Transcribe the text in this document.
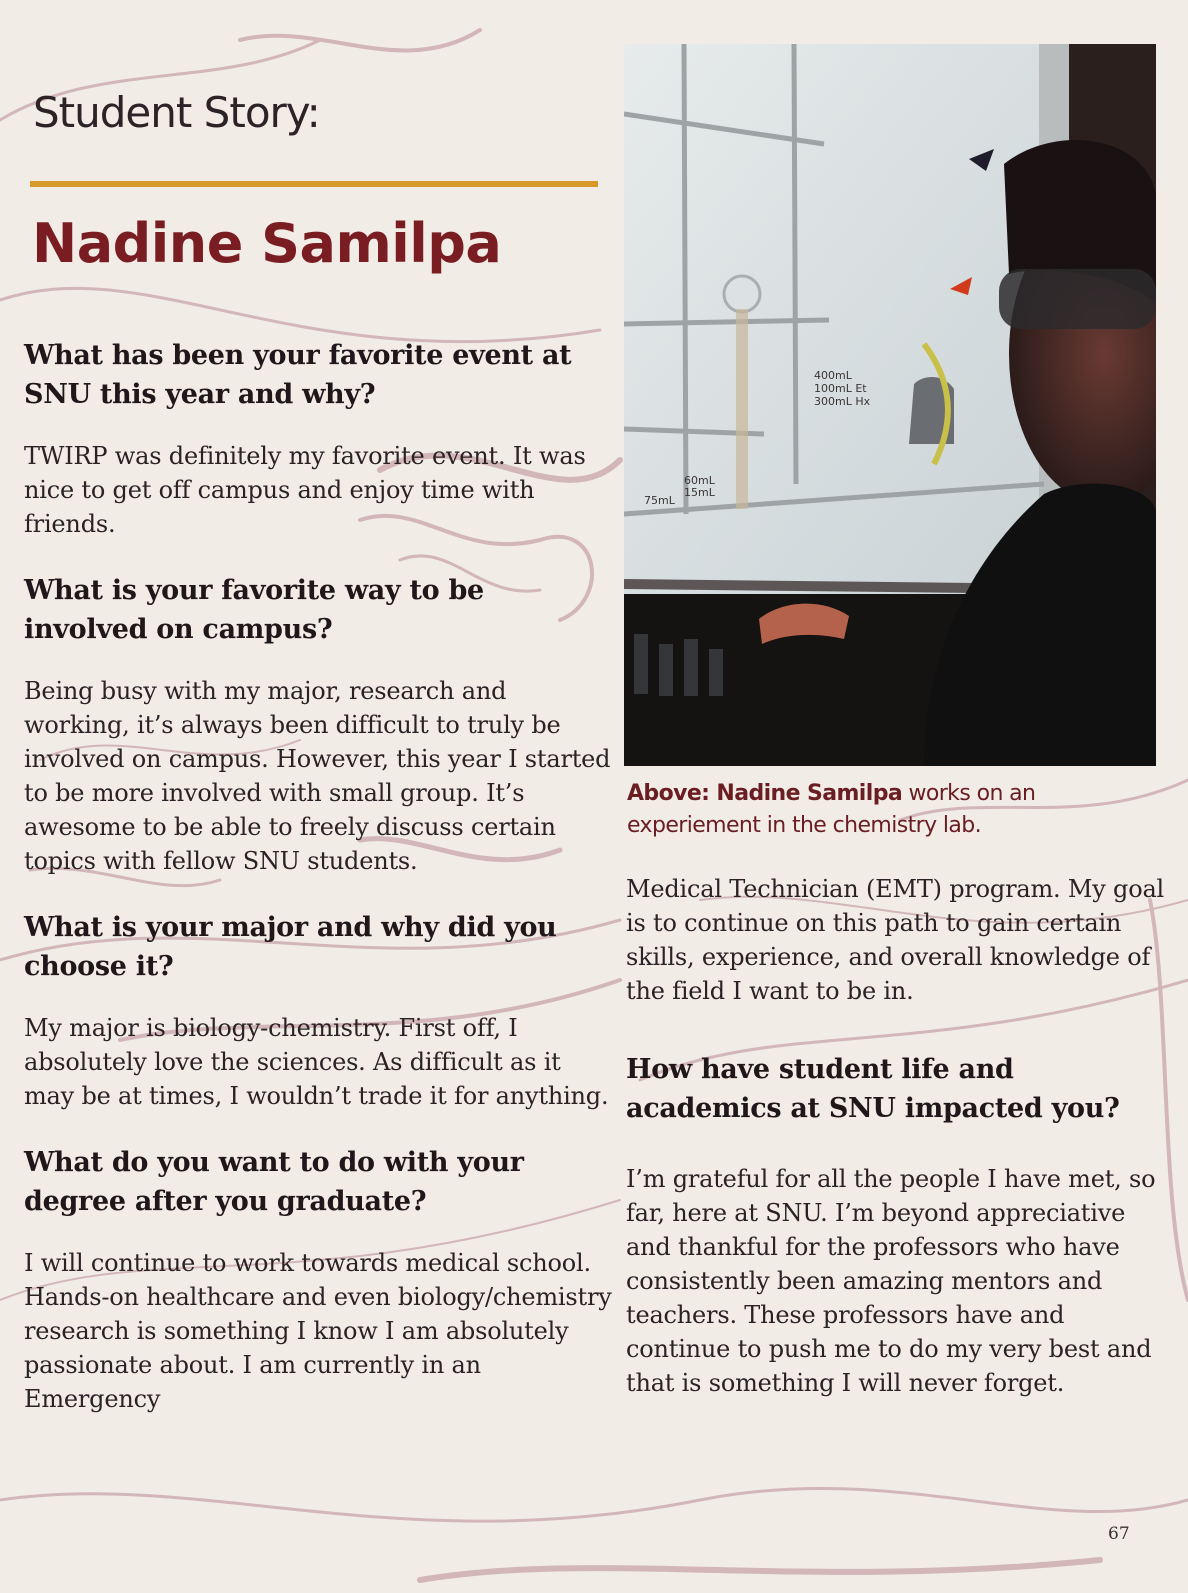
Student Story:
Nadine Samilpa
What has been your favorite event at SNU this year and why?

TWIRP was definitely my favorite event. It was nice to get off campus and enjoy time with friends.

What is your favorite way to be involved on campus?

Being busy with my major, research and working, it’s always been difficult to truly be involved on campus. However, this year I started to be more involved with small group. It’s awesome to be able to freely discuss certain topics with fellow SNU students.

What is your major and why did you choose it?

My major is biology-chemistry. First off, I absolutely love the sciences. As difficult as it may be at times, I wouldn’t trade it for anything.

What do you want to do with your degree after you graduate?

I will continue to work towards medical school. Hands-on healthcare and even biology/chemistry research is something I know I am absolutely passionate about. I am currently in an Emergency

400mL
100mL Et
300mL Hx
75mL
60mL
15mL

Above: Nadine Samilpa works on an experiement in the chemistry lab.

Medical Technician (EMT) program. My goal is to continue on this path to gain certain skills, experience, and overall knowledge of the field I want to be in.

How have student life and academics at SNU impacted you?

I’m grateful for all the people I have met, so far, here at SNU. I’m beyond appreciative and thankful for the professors who have consistently been amazing mentors and teachers. These professors have and continue to push me to do my very best and that is something I will never forget.

67
